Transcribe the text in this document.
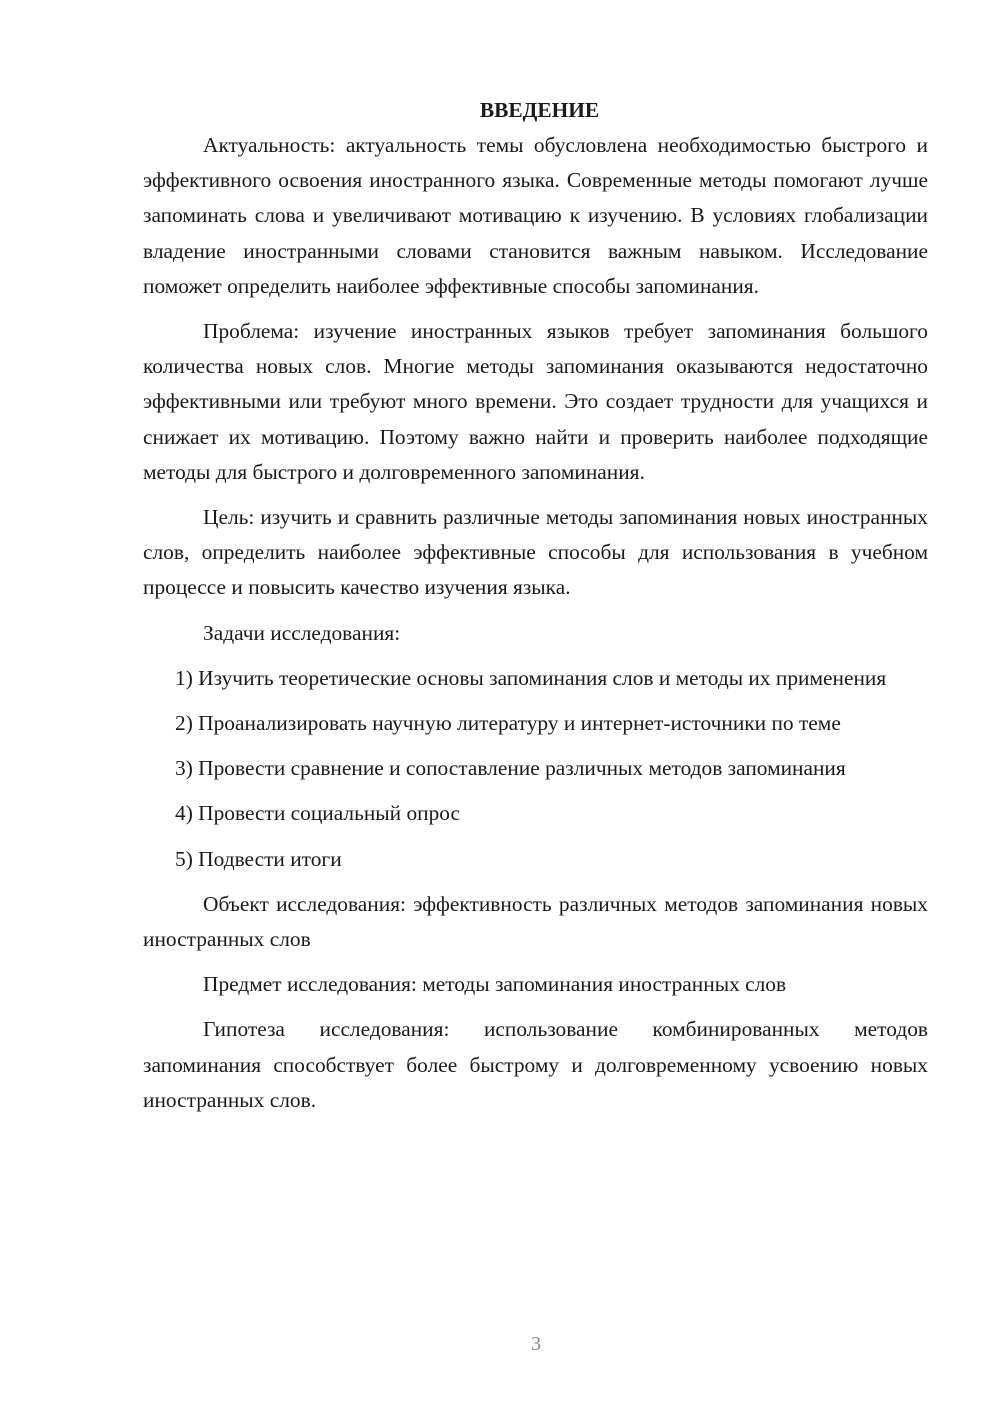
ВВЕДЕНИЕ

Актуальность: актуальность темы обусловлена необходимостью быстрого и эффективного освоения иностранного языка. Современные методы помогают лучше запоминать слова и увеличивают мотивацию к изучению. В условиях глобализации владение иностранными словами становится важным навыком. Исследование поможет определить наиболее эффективные способы запоминания.

Проблема: изучение иностранных языков требует запоминания большого количества новых слов. Многие методы запоминания оказываются недостаточно эффективными или требуют много времени. Это создает трудности для учащихся и снижает их мотивацию. Поэтому важно найти и проверить наиболее подходящие методы для быстрого и долговременного запоминания.

Цель: изучить и сравнить различные методы запоминания новых иностранных слов, определить наиболее эффективные способы для использования в учебном процессе и повысить качество изучения языка.

Задачи исследования:

1) Изучить теоретические основы запоминания слов и методы их применения

2) Проанализировать научную литературу и интернет-источники по теме

3) Провести сравнение и сопоставление различных методов запоминания

4) Провести социальный опрос

5) Подвести итоги

Объект исследования: эффективность различных методов запоминания новых иностранных слов

Предмет исследования: методы запоминания иностранных слов

Гипотеза исследования: использование комбинированных методов запоминания способствует более быстрому и долговременному усвоению новых иностранных слов.

3
